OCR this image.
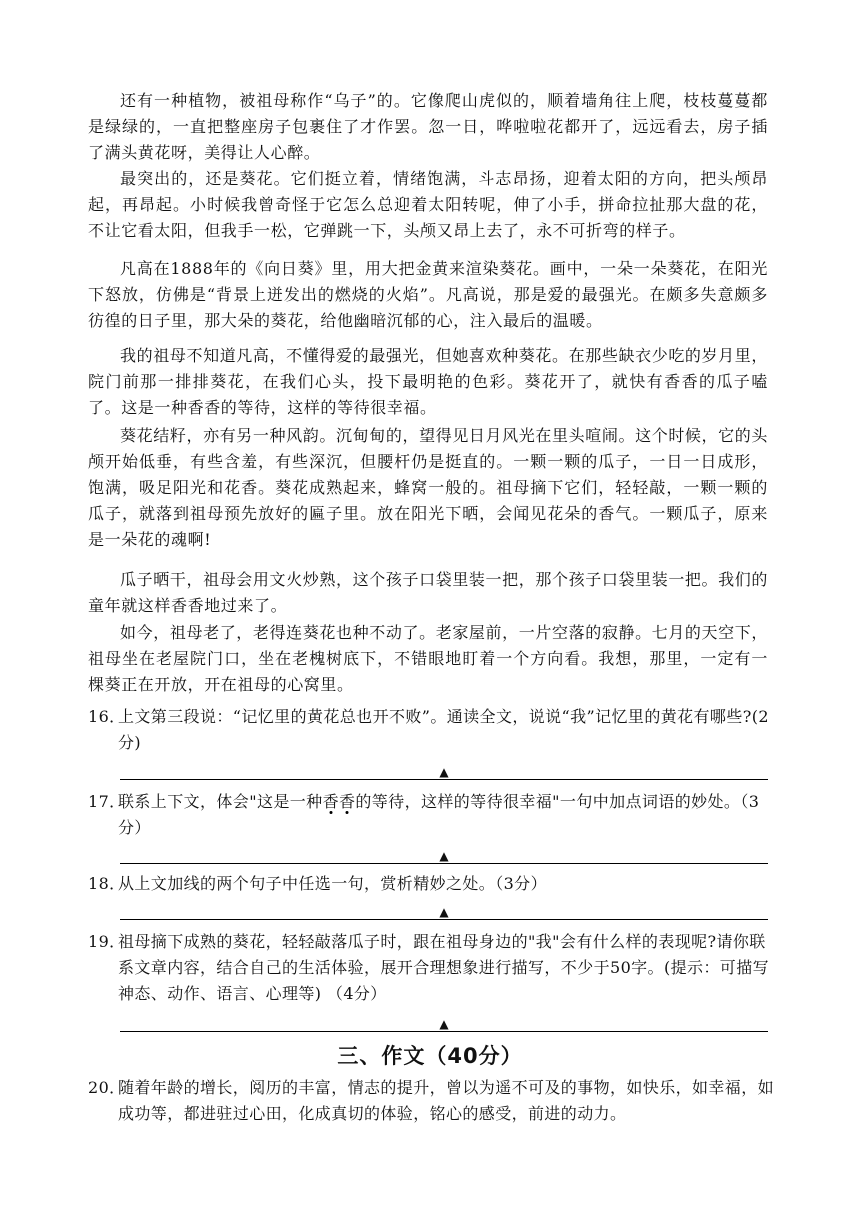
还有一种植物，被祖母称作“乌子”的。它像爬山虎似的，顺着墙角往上爬，枝枝蔓蔓都是绿绿的，一直把整座房子包裹住了才作罢。忽一日，哗啦啦花都开了，远远看去，房子插了满头黄花呀，美得让人心醉。

最突出的，还是葵花。它们挺立着，情绪饱满，斗志昂扬，迎着太阳的方向，把头颅昂起，再昂起。小时候我曾奇怪于它怎么总迎着太阳转呢，伸了小手，拼命拉扯那大盘的花，不让它看太阳，但我手一松，它弹跳一下，头颅又昂上去了，永不可折弯的样子。

凡高在1888年的《向日葵》里，用大把金黄来渲染葵花。画中，一朵一朵葵花，在阳光下怒放，仿佛是“背景上迸发出的燃烧的火焰”。凡高说，那是爱的最强光。在颇多失意颇多彷徨的日子里，那大朵的葵花，给他幽暗沉郁的心，注入最后的温暖。

我的祖母不知道凡高，不懂得爱的最强光，但她喜欢种葵花。在那些缺衣少吃的岁月里，院门前那一排排葵花，在我们心头，投下最明艳的色彩。葵花开了，就快有香香的瓜子嗑了。这是一种香香的等待，这样的等待很幸福。

葵花结籽，亦有另一种风韵。沉甸甸的，望得见日月风光在里头喧闹。这个时候，它的头颅开始低垂，有些含羞，有些深沉，但腰杆仍是挺直的。一颗一颗的瓜子，一日一日成形，饱满，吸足阳光和花香。葵花成熟起来，蜂窝一般的。祖母摘下它们，轻轻敲，一颗一颗的瓜子，就落到祖母预先放好的匾子里。放在阳光下晒，会闻见花朵的香气。一颗瓜子，原来是一朵花的魂啊!

瓜子晒干，祖母会用文火炒熟，这个孩子口袋里装一把，那个孩子口袋里装一把。我们的童年就这样香香地过来了。

如今，祖母老了，老得连葵花也种不动了。老家屋前，一片空落的寂静。七月的天空下，祖母坐在老屋院门口，坐在老槐树底下，不错眼地盯着一个方向看。我想，那里，一定有一棵葵正在开放，开在祖母的心窝里。

16．
上文第三段说：“记忆里的黄花总也开不败”。通读全文，说说“我”记忆里的黄花有哪些?(2分)
▲
17．
联系上下文，体会"这是一种香香的等待，这样的等待很幸福"一句中加点词语的妙处。（3分）
▲
18．
从上文加线的两个句子中任选一句，赏析精妙之处。（3分）
▲
19．
祖母摘下成熟的葵花，轻轻敲落瓜子时，跟在祖母身边的"我"会有什么样的表现呢?请你联系文章内容，结合自己的生活体验，展开合理想象进行描写，不少于50字。(提示：可描写神态、动作、语言、心理等) （4分）
▲
三、作文（40分）
20．
随着年龄的增长，阅历的丰富，情志的提升，曾以为遥不可及的事物，如快乐，如幸福，如成功等，都进驻过心田，化成真切的体验，铭心的感受，前进的动力。
